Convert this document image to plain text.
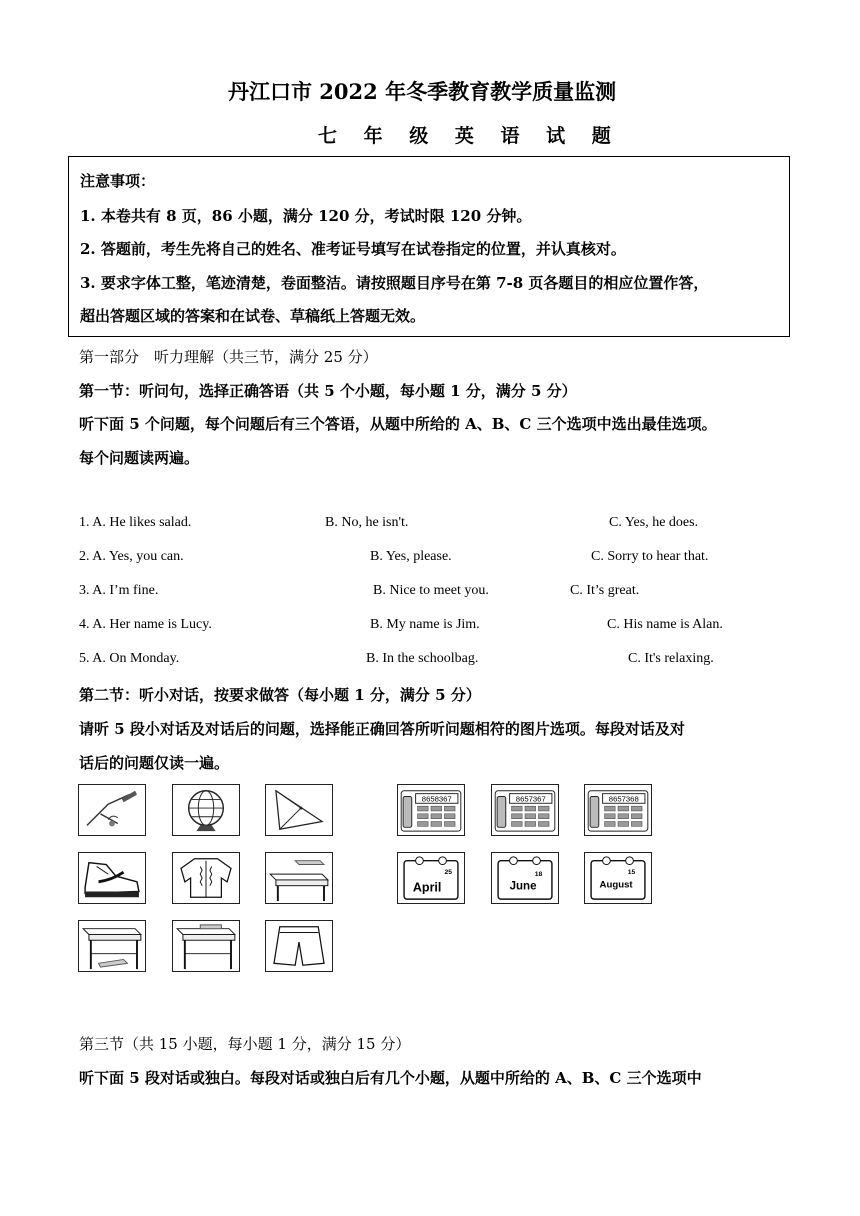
丹江口市 2022 年冬季教育教学质量监测
七 年 级 英 语 试 题
注意事项：
1. 本卷共有 8 页，86 小题，满分 120 分，考试时限 120 分钟。
2. 答题前，考生先将自己的姓名、准考证号填写在试卷指定的位置，并认真核对。
3. 要求字体工整，笔迹清楚，卷面整洁。请按照题目序号在第 7-8 页各题目的相应位置作答，
超出答题区域的答案和在试卷、草稿纸上答题无效。
第一部分　听力理解（共三节，满分 25 分）
第一节：听问句，选择正确答语（共 5 个小题，每小题 1 分，满分 5 分）
听下面 5 个问题，每个问题后有三个答语，从题中所给的 A、B、C 三个选项中选出最佳选项。
每个问题读两遍。
1. A. He likes salad.	B. No, he isn't.	C. Yes, he does.
2. A. Yes, you can.	B. Yes, please.	C. Sorry to hear that.
3. A. I’m fine.	B. Nice to meet you.	C. It’s great.
4. A. Her name is Lucy.	B. My name is Jim.	C. His name is Alan.
5. A. On Monday.	B. In the schoolbag.	C. It's relaxing.
第二节：听小对话，按要求做答（每小题 1 分，满分 5 分）
请听 5 段小对话及对话后的问题，选择能正确回答所听问题相符的图片选项。每段对话及对
话后的问题仅读一遍。
8658367	8657367	8657368
25
April
18
June
15
August
第三节（共 15 小题，每小题 1 分，满分 15 分）
听下面 5 段对话或独白。每段对话或独白后有几个小题，从题中所给的 A、B、C 三个选项中
